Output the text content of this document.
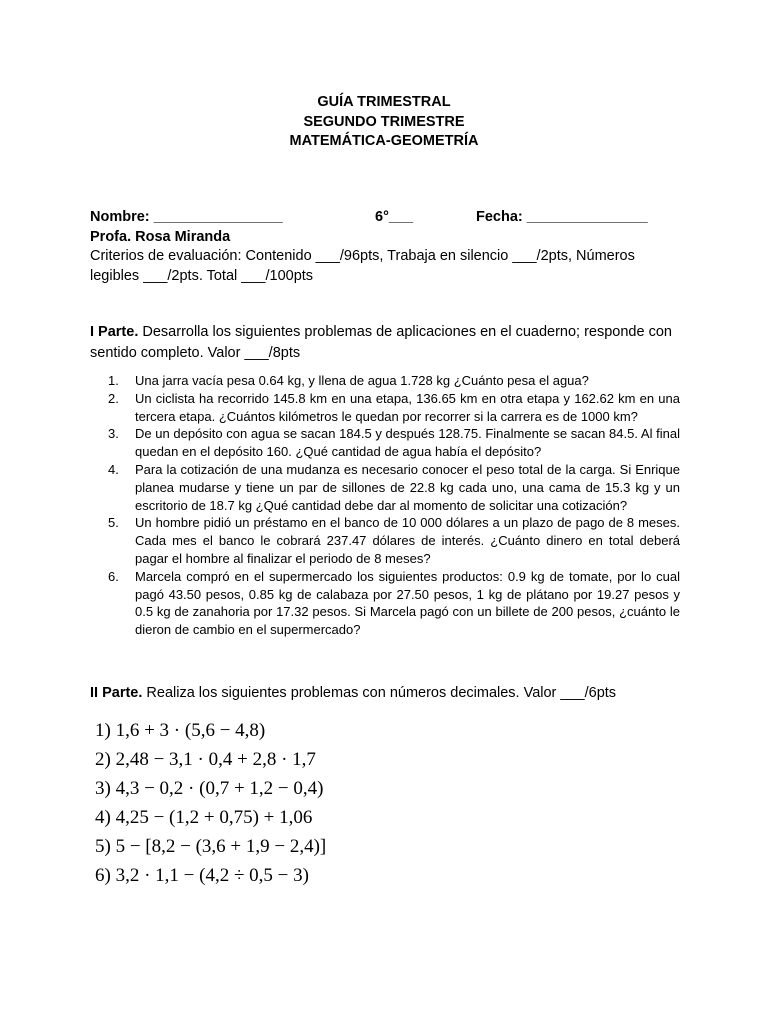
GUÍA TRIMESTRAL
SEGUNDO TRIMESTRE
MATEMÁTICA-GEOMETRÍA
Nombre: ________________	6°___	Fecha: _______________
Profa. Rosa Miranda
Criterios de evaluación: Contenido ___/96pts, Trabaja en silencio ___/2pts, Números legibles ___/2pts. Total ___/100pts
I Parte. Desarrolla los siguientes problemas de aplicaciones en el cuaderno; responde con sentido completo. Valor ___/8pts
1. Una jarra vacía pesa 0.64 kg, y llena de agua 1.728 kg ¿Cuánto pesa el agua?
2. Un ciclista ha recorrido 145.8 km en una etapa, 136.65 km en otra etapa y 162.62 km en una tercera etapa. ¿Cuántos kilómetros le quedan por recorrer si la carrera es de 1000 km?
3. De un depósito con agua se sacan 184.5 y después 128.75. Finalmente se sacan 84.5. Al final quedan en el depósito 160. ¿Qué cantidad de agua había el depósito?
4. Para la cotización de una mudanza es necesario conocer el peso total de la carga. Si Enrique planea mudarse y tiene un par de sillones de 22.8 kg cada uno, una cama de 15.3 kg y un escritorio de 18.7 kg ¿Qué cantidad debe dar al momento de solicitar una cotización?
5. Un hombre pidió un préstamo en el banco de 10 000 dólares a un plazo de pago de 8 meses. Cada mes el banco le cobrará 237.47 dólares de interés. ¿Cuánto dinero en total deberá pagar el hombre al finalizar el periodo de 8 meses?
6. Marcela compró en el supermercado los siguientes productos: 0.9 kg de tomate, por lo cual pagó 43.50 pesos, 0.85 kg de calabaza por 27.50 pesos, 1 kg de plátano por 19.27 pesos y 0.5 kg de zanahoria por 17.32 pesos. Si Marcela pagó con un billete de 200 pesos, ¿cuánto le dieron de cambio en el supermercado?
II Parte. Realiza los siguientes problemas con números decimales. Valor ___/6pts
1) 1,6 + 3 · (5,6 − 4,8)
2) 2,48 − 3,1 · 0,4 + 2,8 · 1,7
3) 4,3 − 0,2 · (0,7 + 1,2 − 0,4)
4) 4,25 − (1,2 + 0,75) + 1,06
5) 5 − [8,2 − (3,6 + 1,9 − 2,4)]
6) 3,2 · 1,1 − (4,2 ÷ 0,5 − 3)
